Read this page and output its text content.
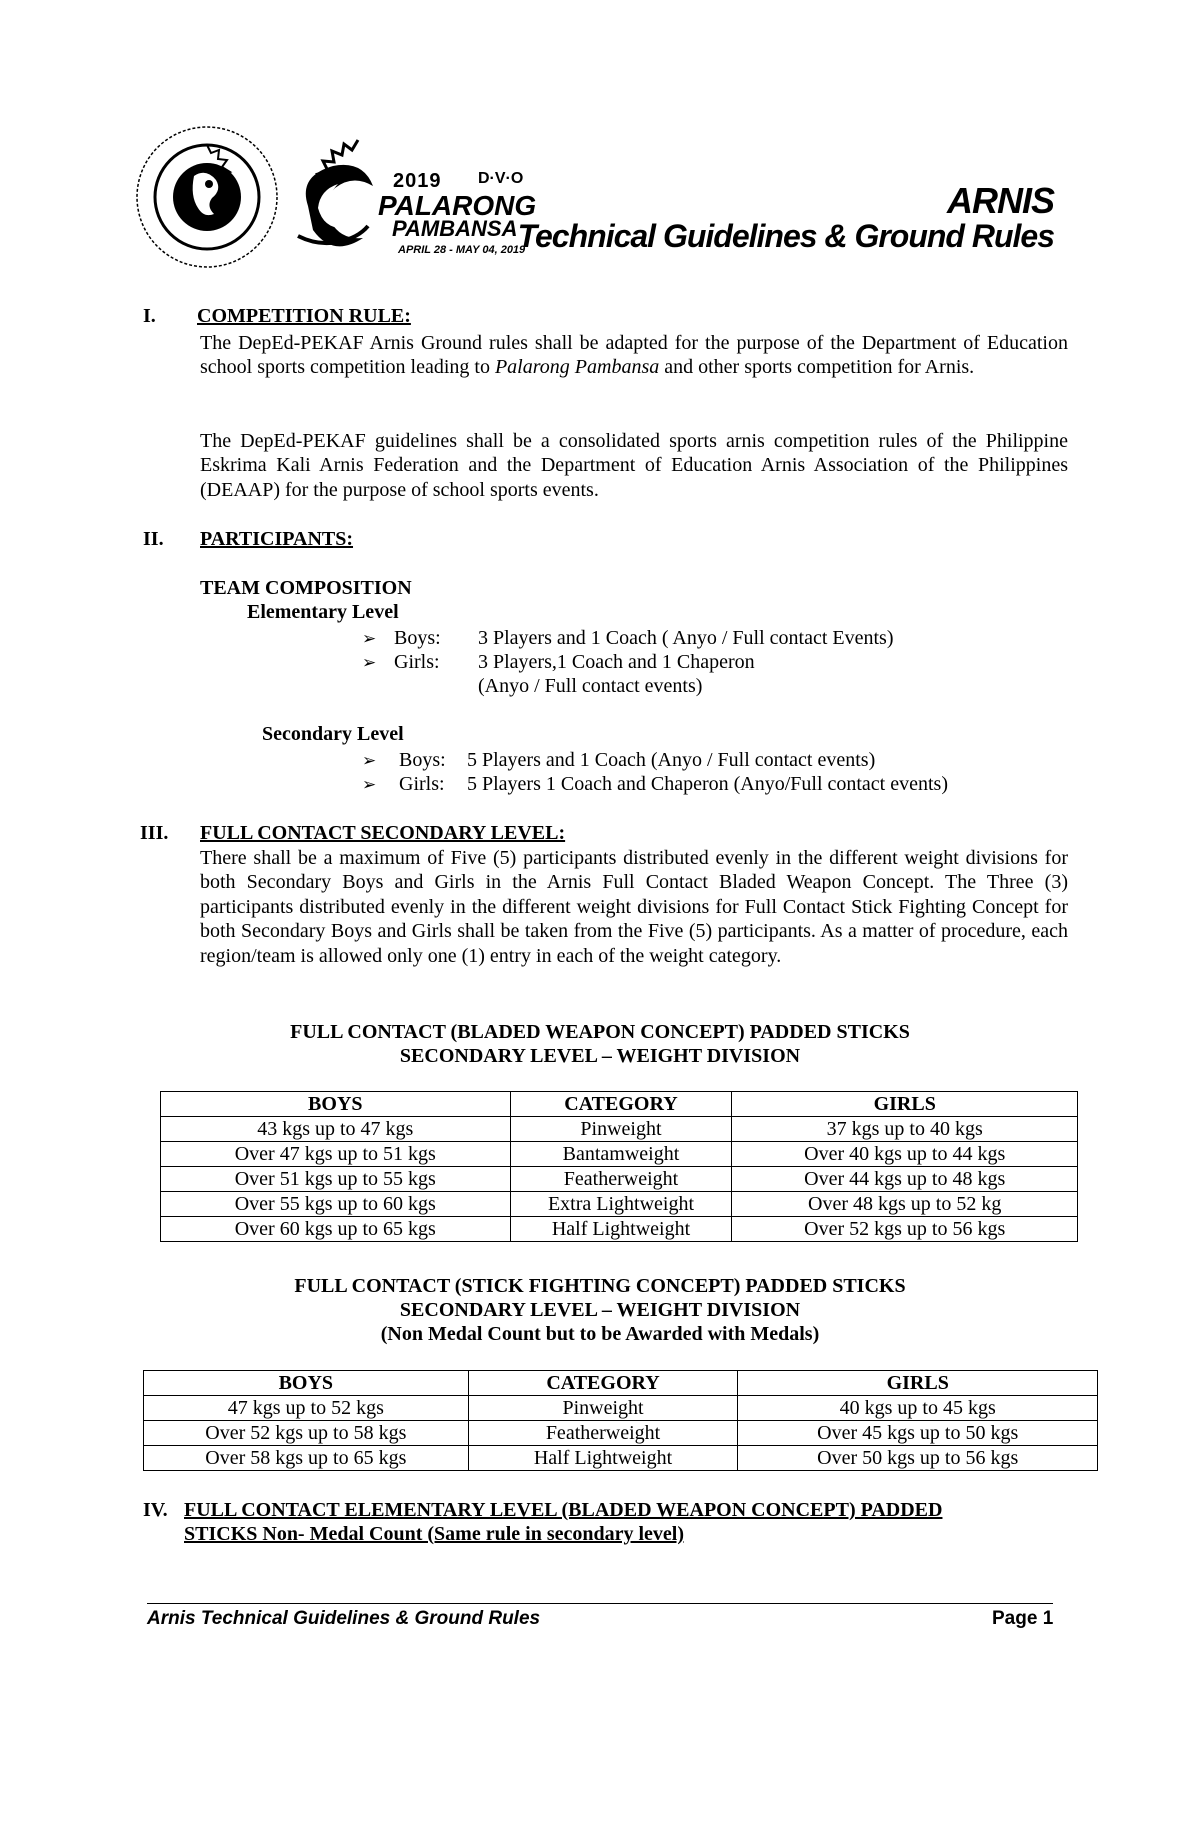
2019 D·V·O
PALARONG
PAMBANSA
APRIL 28 - MAY 04, 2019
ARNIS
Technical Guidelines & Ground Rules
I. COMPETITION RULE:
The DepEd-PEKAF Arnis Ground rules shall be adapted for the purpose of the Department of Education school sports competition leading to Palarong Pambansa and other sports competition for Arnis.
The DepEd-PEKAF guidelines shall be a consolidated sports arnis competition rules of the Philippine Eskrima Kali Arnis Federation and the Department of Education Arnis Association of the Philippines (DEAAP) for the purpose of school sports events.
II. PARTICIPANTS:
TEAM COMPOSITION
Elementary Level
➢ Boys: 3 Players and 1 Coach ( Anyo / Full contact Events)
➢ Girls: 3 Players,1 Coach and 1 Chaperon
(Anyo / Full contact events)
Secondary Level
➢ Boys: 5 Players and 1 Coach (Anyo / Full contact events)
➢ Girls: 5 Players 1 Coach and Chaperon (Anyo/Full contact events)
III. FULL CONTACT SECONDARY LEVEL:
There shall be a maximum of Five (5) participants distributed evenly in the different weight divisions for both Secondary Boys and Girls in the Arnis Full Contact Bladed Weapon Concept. The Three (3) participants distributed evenly in the different weight divisions for Full Contact Stick Fighting Concept for both Secondary Boys and Girls shall be taken from the Five (5) participants. As a matter of procedure, each region/team is allowed only one (1) entry in each of the weight category.
FULL CONTACT (BLADED WEAPON CONCEPT) PADDED STICKS
SECONDARY LEVEL – WEIGHT DIVISION
BOYS	CATEGORY	GIRLS
43 kgs up to 47 kgs	Pinweight	37 kgs up to 40 kgs
Over 47 kgs up to 51 kgs	Bantamweight	Over 40 kgs up to 44 kgs
Over 51 kgs up to 55 kgs	Featherweight	Over 44 kgs up to 48 kgs
Over 55 kgs up to 60 kgs	Extra Lightweight	Over 48 kgs up to 52 kg
Over 60 kgs up to 65 kgs	Half Lightweight	Over 52 kgs up to 56 kgs
FULL CONTACT (STICK FIGHTING CONCEPT) PADDED STICKS
SECONDARY LEVEL – WEIGHT DIVISION
(Non Medal Count but to be Awarded with Medals)
BOYS	CATEGORY	GIRLS
47 kgs up to 52 kgs	Pinweight	40 kgs up to 45 kgs
Over 52 kgs up to 58 kgs	Featherweight	Over 45 kgs up to 50 kgs
Over 58 kgs up to 65 kgs	Half Lightweight	Over 50 kgs up to 56 kgs
IV. FULL CONTACT ELEMENTARY LEVEL (BLADED WEAPON CONCEPT) PADDED
STICKS Non- Medal Count (Same rule in secondary level)
Arnis Technical Guidelines & Ground Rules	Page 1
